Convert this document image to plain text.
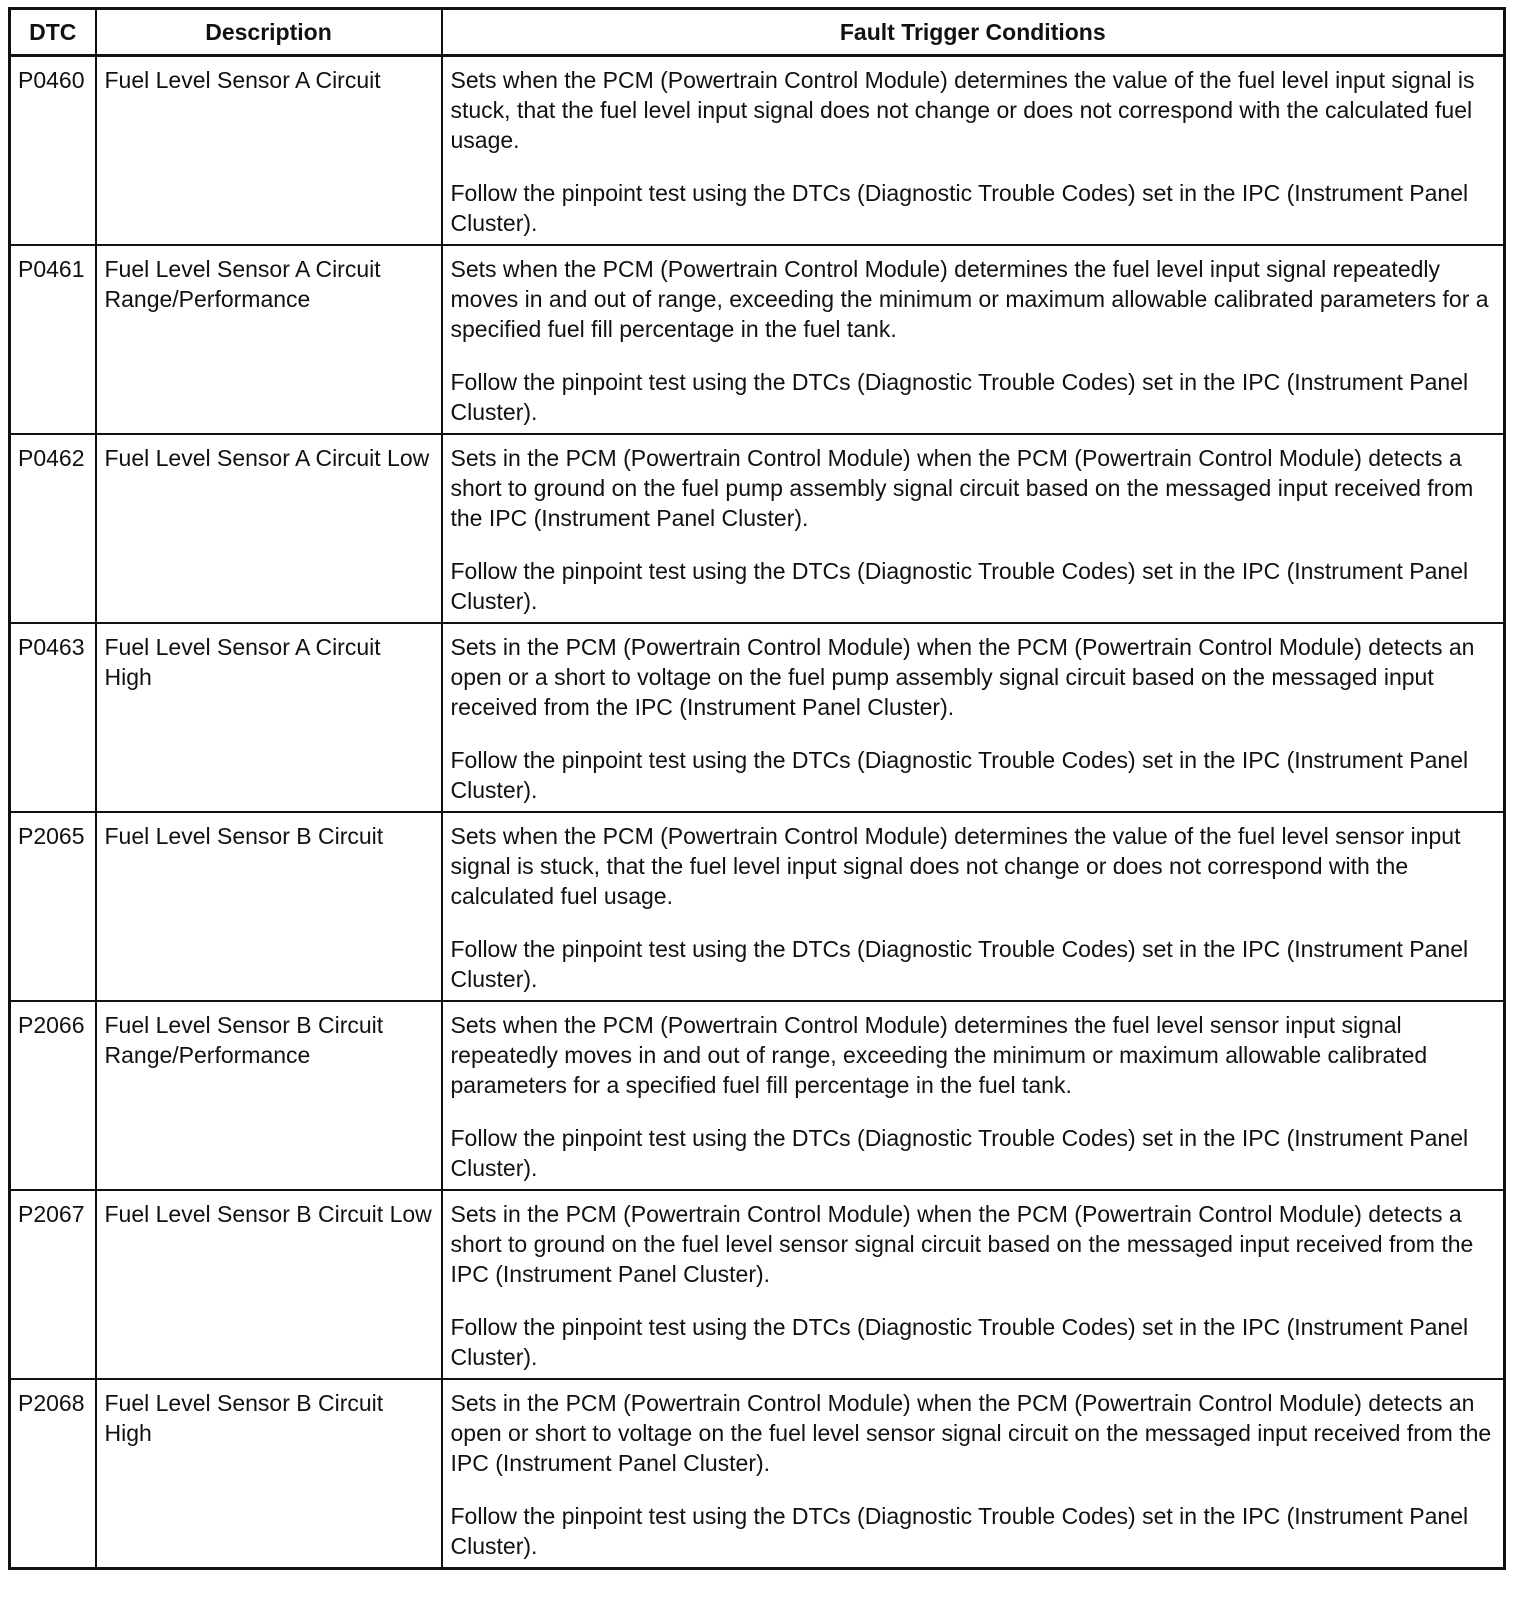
DTC	Description	Fault Trigger Conditions
P0460	Fuel Level Sensor A Circuit	Sets when the PCM (Powertrain Control Module) determines the value of the fuel level input signal is stuck, that the fuel level input signal does not change or does not correspond with the calculated fuel usage.

Follow the pinpoint test using the DTCs (Diagnostic Trouble Codes) set in the IPC (Instrument Panel Cluster).

P0461	Fuel Level Sensor A Circuit Range/Performance	Sets when the PCM (Powertrain Control Module) determines the fuel level input signal repeatedly moves in and out of range, exceeding the minimum or maximum allowable calibrated parameters for a specified fuel fill percentage in the fuel tank.

Follow the pinpoint test using the DTCs (Diagnostic Trouble Codes) set in the IPC (Instrument Panel Cluster).

P0462	Fuel Level Sensor A Circuit Low	Sets in the PCM (Powertrain Control Module) when the PCM (Powertrain Control Module) detects a short to ground on the fuel pump assembly signal circuit based on the messaged input received from the IPC (Instrument Panel Cluster).

Follow the pinpoint test using the DTCs (Diagnostic Trouble Codes) set in the IPC (Instrument Panel Cluster).

P0463	Fuel Level Sensor A Circuit High	Sets in the PCM (Powertrain Control Module) when the PCM (Powertrain Control Module) detects an open or a short to voltage on the fuel pump assembly signal circuit based on the messaged input received from the IPC (Instrument Panel Cluster).

Follow the pinpoint test using the DTCs (Diagnostic Trouble Codes) set in the IPC (Instrument Panel Cluster).

P2065	Fuel Level Sensor B Circuit	Sets when the PCM (Powertrain Control Module) determines the value of the fuel level sensor input signal is stuck, that the fuel level input signal does not change or does not correspond with the calculated fuel usage.

Follow the pinpoint test using the DTCs (Diagnostic Trouble Codes) set in the IPC (Instrument Panel Cluster).

P2066	Fuel Level Sensor B Circuit Range/Performance	Sets when the PCM (Powertrain Control Module) determines the fuel level sensor input signal repeatedly moves in and out of range, exceeding the minimum or maximum allowable calibrated parameters for a specified fuel fill percentage in the fuel tank.

Follow the pinpoint test using the DTCs (Diagnostic Trouble Codes) set in the IPC (Instrument Panel Cluster).

P2067	Fuel Level Sensor B Circuit Low	Sets in the PCM (Powertrain Control Module) when the PCM (Powertrain Control Module) detects a short to ground on the fuel level sensor signal circuit based on the messaged input received from the IPC (Instrument Panel Cluster).

Follow the pinpoint test using the DTCs (Diagnostic Trouble Codes) set in the IPC (Instrument Panel Cluster).

P2068	Fuel Level Sensor B Circuit High	Sets in the PCM (Powertrain Control Module) when the PCM (Powertrain Control Module) detects an open or short to voltage on the fuel level sensor signal circuit on the messaged input received from the IPC (Instrument Panel Cluster).

Follow the pinpoint test using the DTCs (Diagnostic Trouble Codes) set in the IPC (Instrument Panel Cluster).
